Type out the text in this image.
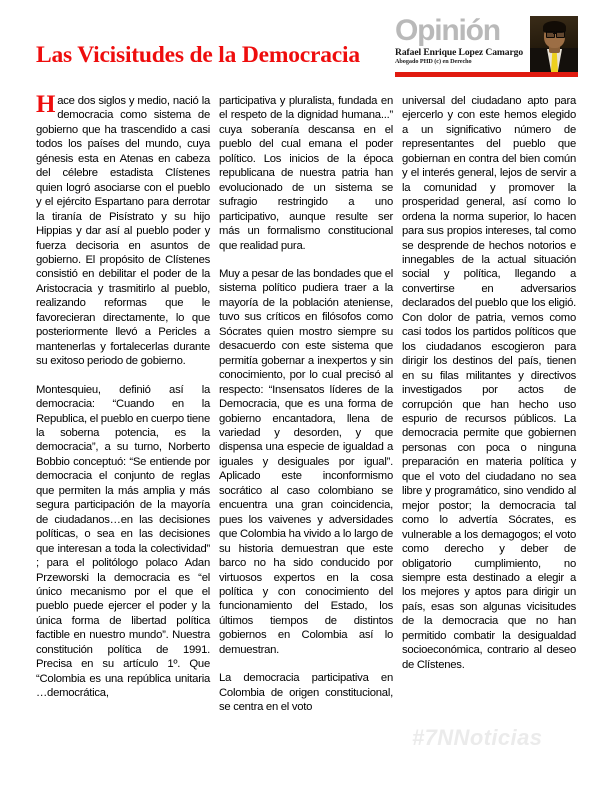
Las Vicisitudes de la Democracia
Opinión
Rafael Enrique Lopez Camargo
Abogado PHD (c) en Derecho

Hace dos siglos y medio, nació la democracia como sistema de gobierno que ha trascendido a casi todos los países del mundo, cuya génesis esta en Atenas en cabeza del célebre estadista Clístenes quien logró asociarse con el pueblo y el ejército Espartano para derrotar la tiranía de Pisístrato y su hijo Hippias y dar así al pueblo poder y fuerza decisoria en asuntos de gobierno. El propósito de Clístenes consistió en debilitar el poder de la Aristocracia y trasmitirlo al pueblo, realizando reformas que le favorecieran directamente, lo que posteriormente llevó a Pericles a mantenerlas y fortalecerlas durante su exitoso periodo de gobierno.

Montesquieu, definió así la democracia: “Cuando en la Republica, el pueblo en cuerpo tiene la soberna potencia, es la democracia”, a su turno, Norberto Bobbio conceptuó: “Se entiende por democracia el conjunto de reglas que permiten la más amplia y más segura participación de la mayoría de ciudadanos…en las decisiones políticas, o sea en las decisiones que interesan a toda la colectividad” ; para el politólogo polaco Adan Przeworski la democracia es “el único mecanismo por el que el pueblo puede ejercer el poder y la única forma de libertad política factible en nuestro mundo”. Nuestra constitución política de 1991. Precisa en su artículo 1º. Que “Colombia es una república unitaria …democrática,

participativa y pluralista, fundada en el respeto de la dignidad humana...” cuya soberanía descansa en el pueblo del cual emana el poder político. Los inicios de la época republicana de nuestra patria han evolucionado de un sistema se sufragio restringido a uno participativo, aunque resulte ser más un formalismo constitucional que realidad pura.

Muy a pesar de las bondades que el sistema político pudiera traer a la mayoría de la población ateniense, tuvo sus críticos en filósofos como Sócrates quien mostro siempre su desacuerdo con este sistema que permitía gobernar a inexpertos y sin conocimiento, por lo cual precisó al respecto: “Insensatos líderes de la Democracia, que es una forma de gobierno encantadora, llena de variedad y desorden, y que dispensa una especie de igualdad a iguales y desiguales por igual”. Aplicado este inconformismo socrático al caso colombiano se encuentra una gran coincidencia, pues los vaivenes y adversidades que Colombia ha vivido a lo largo de su historia demuestran que este barco no ha sido conducido por virtuosos expertos en la cosa política y con conocimiento del funcionamiento del Estado, los últimos tiempos de distintos gobiernos en Colombia así lo demuestran.

La democracia participativa en Colombia de origen constitucional, se centra en el voto

universal del ciudadano apto para ejercerlo y con este hemos elegido a un significativo número de representantes del pueblo que gobiernan en contra del bien común y el interés general, lejos de servir a la comunidad y promover la prosperidad general, así como lo ordena la norma superior, lo hacen para sus propios intereses, tal como se desprende de hechos notorios e innegables de la actual situación social y política, llegando a convertirse en adversarios declarados del pueblo que los eligió. Con dolor de patria, vemos como casi todos los partidos políticos que los ciudadanos escogieron para dirigir los destinos del país, tienen en su filas militantes y directivos investigados por actos de corrupción que han hecho uso espurio de recursos públicos. La democracia permite que gobiernen personas con poca o ninguna preparación en materia política y que el voto del ciudadano no sea libre y programático, sino vendido al mejor postor; la democracia tal como lo advertía Sócrates, es vulnerable a los demagogos; el voto como derecho y deber de obligatorio cumplimiento, no siempre esta destinado a elegir a los mejores y aptos para dirigir un país, esas son algunas vicisitudes de la democracia que no han permitido combatir la desigualdad socioeconómica, contrario al deseo de Clístenes.

#7NNoticias
